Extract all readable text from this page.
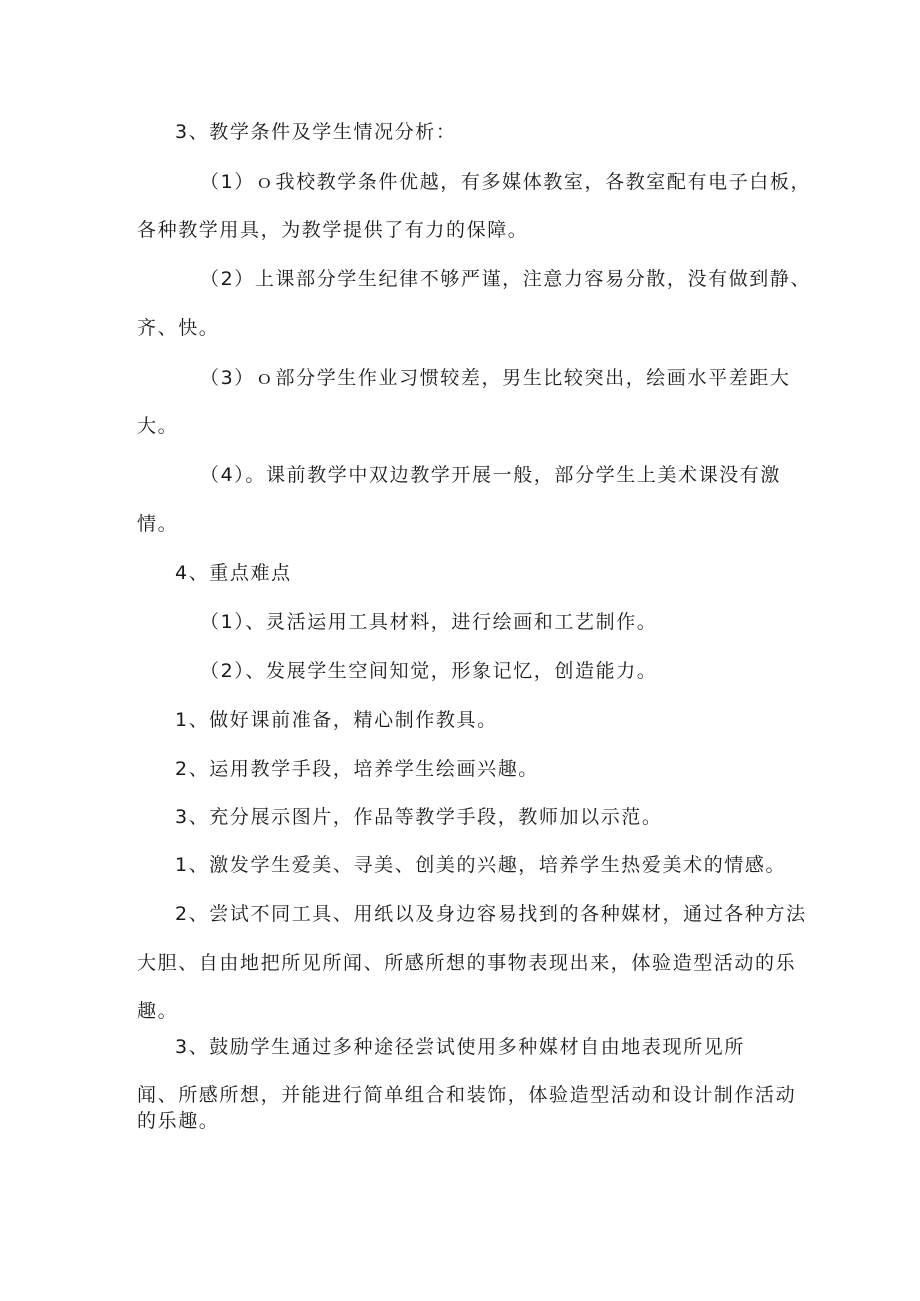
3、教学条件及学生情况分析：
（1）ｏ我校教学条件优越，有多媒体教室，各教室配有电子白板，
各种教学用具，为教学提供了有力的保障。
（2）上课部分学生纪律不够严谨，注意力容易分散，没有做到静、
齐、快。
（3）ｏ部分学生作业习惯较差，男生比较突出，绘画水平差距大
大。
（4）。课前教学中双边教学开展一般，部分学生上美术课没有激
情。
4、重点难点
（1）、灵活运用工具材料，进行绘画和工艺制作。
（2）、发展学生空间知觉，形象记忆，创造能力。
1、做好课前准备，精心制作教具。
2、运用教学手段，培养学生绘画兴趣。
3、充分展示图片，作品等教学手段，教师加以示范。
1、激发学生爱美、寻美、创美的兴趣，培养学生热爱美术的情感。
2、尝试不同工具、用纸以及身边容易找到的各种媒材，通过各种方法
大胆、自由地把所见所闻、所感所想的事物表现出来，体验造型活动的乐
趣。
3、鼓励学生通过多种途径尝试使用多种媒材自由地表现所见所
闻、所感所想，并能进行简单组合和装饰，体验造型活动和设计制作活动
的乐趣。
